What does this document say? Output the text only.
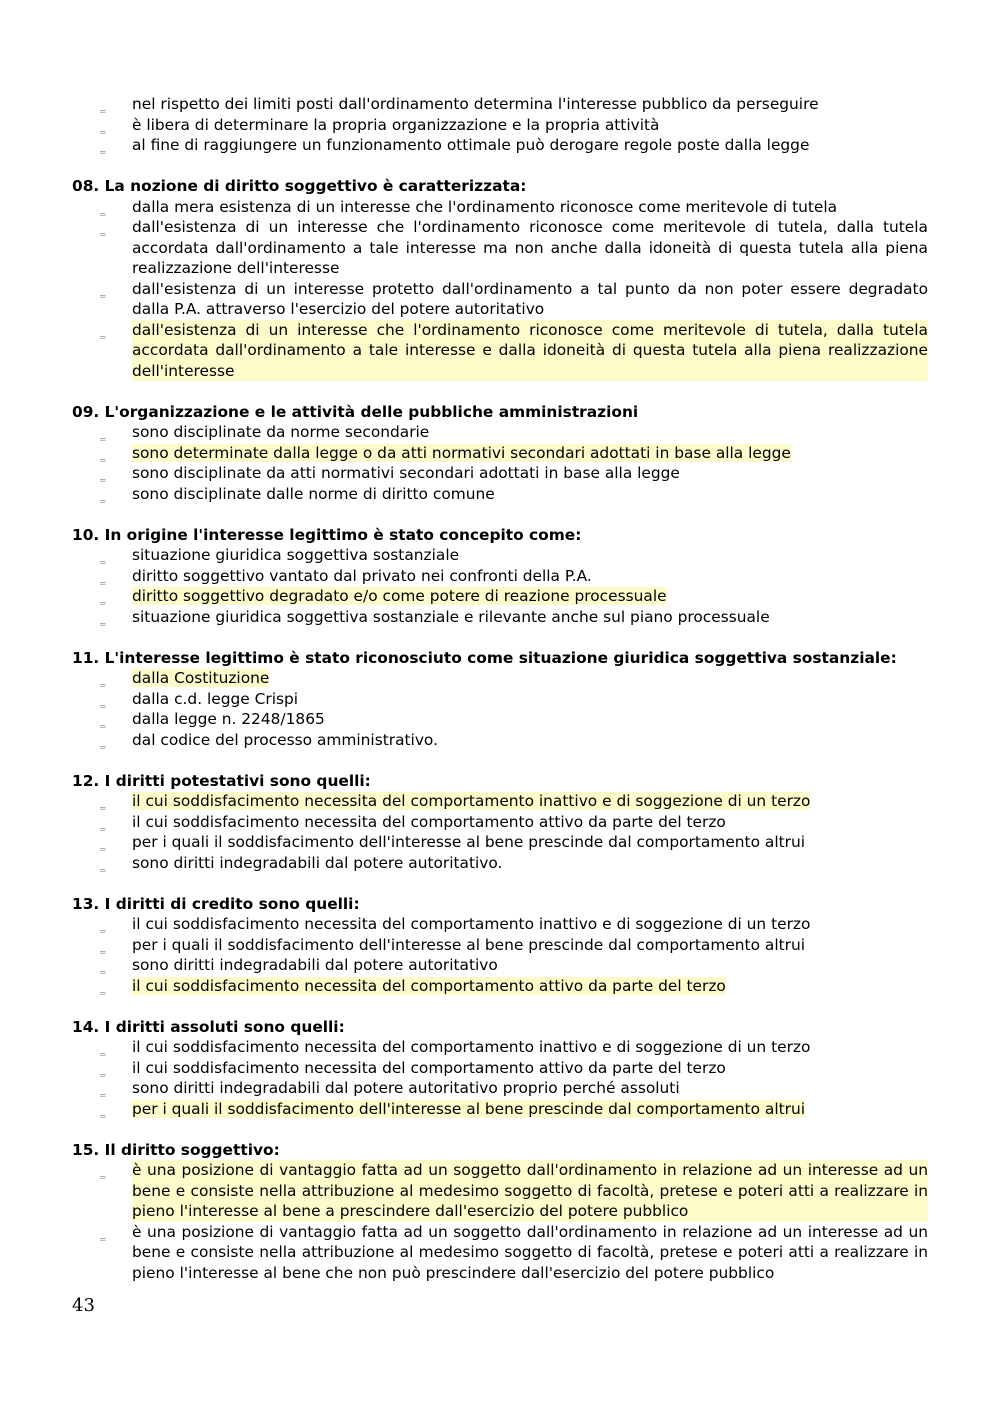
‗ nel rispetto dei limiti posti dall'ordinamento determina l'interesse pubblico da perseguire
‗ è libera di determinare la propria organizzazione e la propria attività
‗ al fine di raggiungere un funzionamento ottimale può derogare regole poste dalla legge

08. La nozione di diritto soggettivo è caratterizzata:

‗ dalla mera esistenza di un interesse che l'ordinamento riconosce come meritevole di tutela
‗ dall'esistenza di un interesse che l'ordinamento riconosce come meritevole di tutela, dalla tutela accordata dall'ordinamento a tale interesse ma non anche dalla idoneità di questa tutela alla piena realizzazione dell'interesse
‗ dall'esistenza di un interesse protetto dall'ordinamento a tal punto da non poter essere degradato dalla P.A. attraverso l'esercizio del potere autoritativo
‗ dall'esistenza di un interesse che l'ordinamento riconosce come meritevole di tutela, dalla tutela accordata dall'ordinamento a tale interesse e dalla idoneità di questa tutela alla piena realizzazione dell'interesse

09. L'organizzazione e le attività delle pubbliche amministrazioni

‗ sono disciplinate da norme secondarie
‗ sono determinate dalla legge o da atti normativi secondari adottati in base alla legge
‗ sono disciplinate da atti normativi secondari adottati in base alla legge
‗ sono disciplinate dalle norme di diritto comune

10. In origine l'interesse legittimo è stato concepito come:

‗ situazione giuridica soggettiva sostanziale
‗ diritto soggettivo vantato dal privato nei confronti della P.A.
‗ diritto soggettivo degradato e/o come potere di reazione processuale
‗ situazione giuridica soggettiva sostanziale e rilevante anche sul piano processuale

11. L'interesse legittimo è stato riconosciuto come situazione giuridica soggettiva sostanziale:

‗ dalla Costituzione
‗ dalla c.d. legge Crispi
‗ dalla legge n. 2248/1865
‗ dal codice del processo amministrativo.

12. I diritti potestativi sono quelli:

‗ il cui soddisfacimento necessita del comportamento inattivo e di soggezione di un terzo
‗ il cui soddisfacimento necessita del comportamento attivo da parte del terzo
‗ per i quali il soddisfacimento dell'interesse al bene prescinde dal comportamento altrui
‗ sono diritti indegradabili dal potere autoritativo.

13. I diritti di credito sono quelli:

‗ il cui soddisfacimento necessita del comportamento inattivo e di soggezione di un terzo
‗ per i quali il soddisfacimento dell'interesse al bene prescinde dal comportamento altrui
‗ sono diritti indegradabili dal potere autoritativo
‗ il cui soddisfacimento necessita del comportamento attivo da parte del terzo

14. I diritti assoluti sono quelli:

‗ il cui soddisfacimento necessita del comportamento inattivo e di soggezione di un terzo
‗ il cui soddisfacimento necessita del comportamento attivo da parte del terzo
‗ sono diritti indegradabili dal potere autoritativo proprio perché assoluti
‗ per i quali il soddisfacimento dell'interesse al bene prescinde dal comportamento altrui

15. Il diritto soggettivo:

‗ è una posizione di vantaggio fatta ad un soggetto dall'ordinamento in relazione ad un interesse ad un bene e consiste nella attribuzione al medesimo soggetto di facoltà, pretese e poteri atti a realizzare in pieno l'interesse al bene a prescindere dall'esercizio del potere pubblico
‗ è una posizione di vantaggio fatta ad un soggetto dall'ordinamento in relazione ad un interesse ad un bene e consiste nella attribuzione al medesimo soggetto di facoltà, pretese e poteri atti a realizzare in pieno l'interesse al bene che non può prescindere dall'esercizio del potere pubblico
43
